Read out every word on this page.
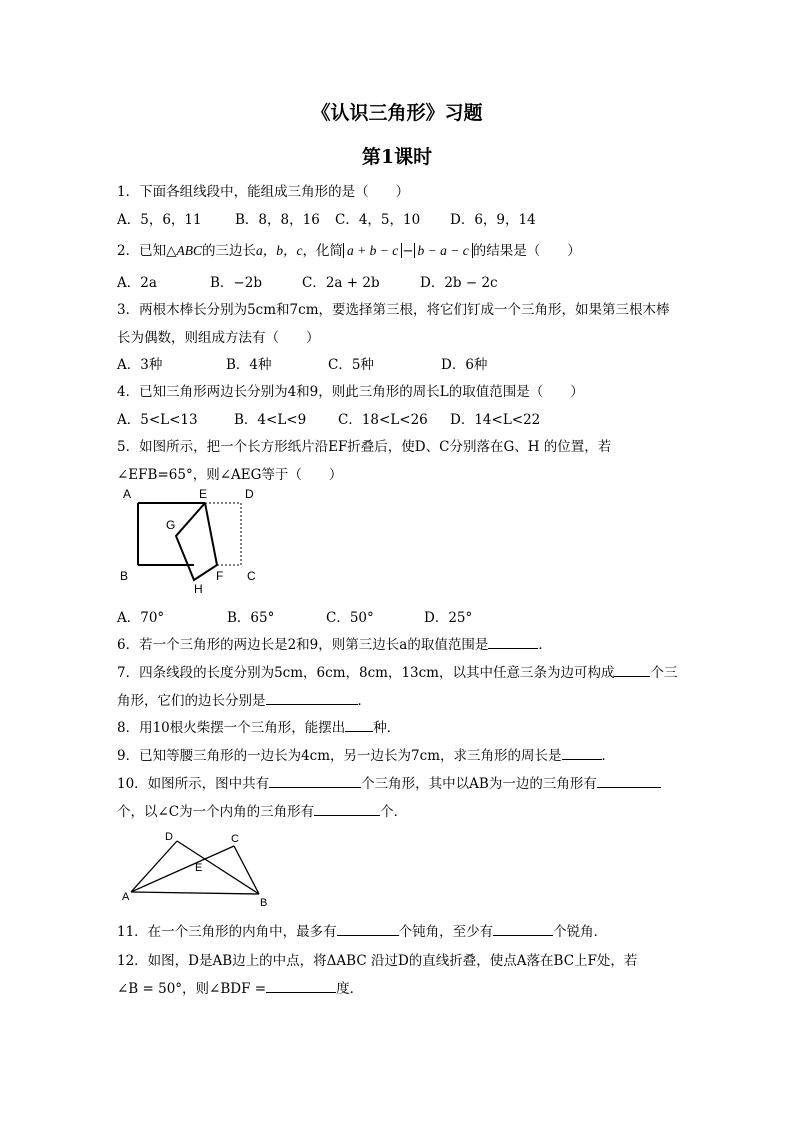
《认识三角形》习题
第1课时
1．下面各组线段中，能组成三角形的是（　　）
A．5，6，11 B．8，8，16 C．4，5，10 D．6，9，14
2．已知△ABC的三边长a，b，c，化简 a + b − c − b − a − c 的结果是（　　）
A．2a	B．−2b	C．2a + 2b	D．2b − 2c
3．两根木棒长分别为5cm和7cm，要选择第三根，将它们钉成一个三角形，如果第三根木棒
长为偶数，则组成方法有（　　）
A．3种	B．4种	C．5种	D．6种
4．已知三角形两边长分别为4和9，则此三角形的周长L的取值范围是（　　）
A．5<L<13	B．4<L<9 C．18<L<26 D．14<L<22
5．如图所示，把一个长方形纸片沿EF折叠后，使D、C分别落在G、H 的位置，若
∠EFB=65°，则∠AEG等于（　　）
A	E	D
G
B
H
F C
A．70°	B．65°	C．50°	D．25°
6．若一个三角形的两边长是2和9，则第三边长a的取值范围是	．
7．四条线段的长度分别为5cm，6cm，8cm，13cm，以其中任意三条为边可构成	个三
角形，它们的边长分别是	．
8．用10根火柴摆一个三角形，能摆出 种．
9．已知等腰三角形的一边长为4cm，另一边长为7cm，求三角形的周长是	．
10．如图所示，图中共有	个三角形，其中以AB为一边的三角形有
个，以∠C为一个内角的三角形有	个．
D	C
E
A	B
11．在一个三角形的内角中，最多有	个钝角，至少有	个锐角．
12．如图，D是AB边上的中点，将ΔABC 沿过D的直线折叠，使点A落在BC上F处，若
∠B = 50°，则∠BDF =	度．
